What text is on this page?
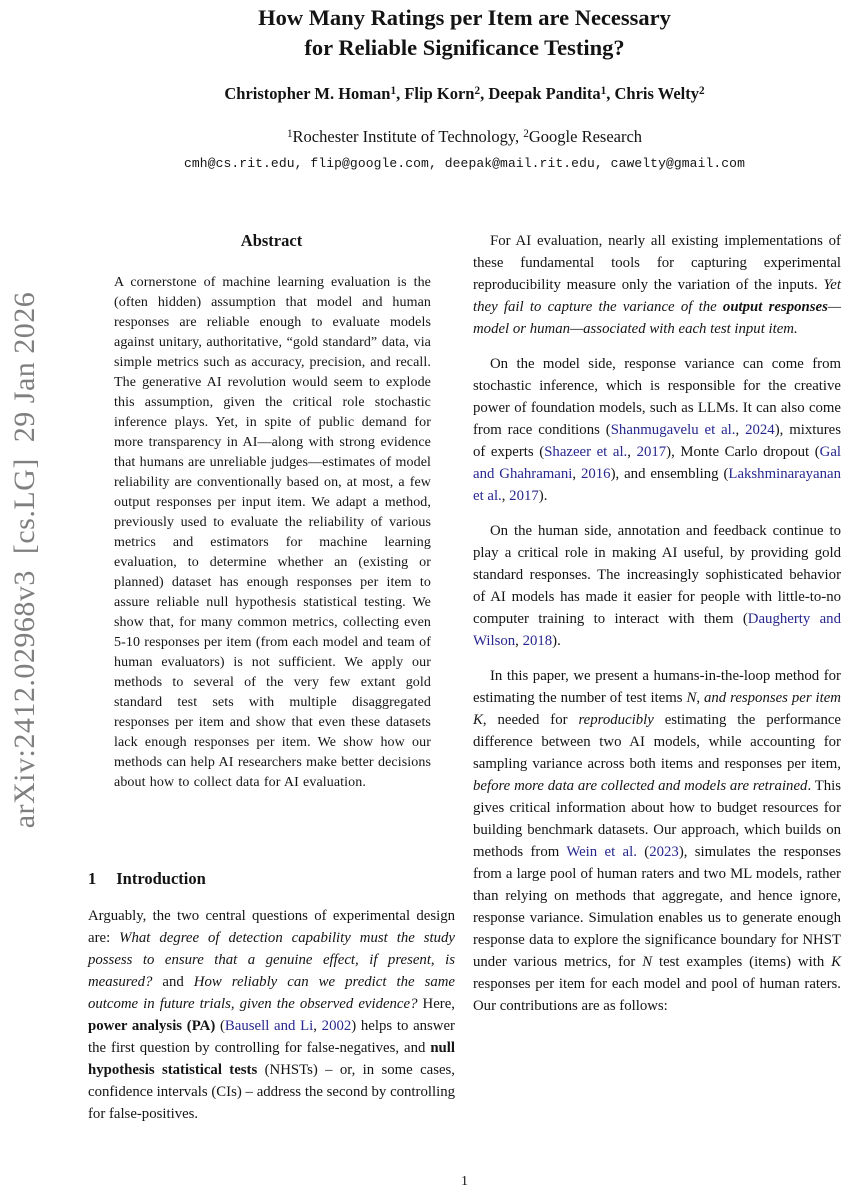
arXiv:2412.02968v3  [cs.LG]  29 Jan 2026
How Many Ratings per Item are Necessary
for Reliable Significance Testing?
Christopher M. Homan$^1$, Flip Korn$^2$, Deepak Pandita$^1$, Chris Welty$^2$
$^1$Rochester Institute of Technology, $^2$Google Research
cmh@cs.rit.edu, flip@google.com, deepak@mail.rit.edu, cawelty@gmail.com
Abstract
A cornerstone of machine learning evaluation is the (often hidden) assumption that model and human responses are reliable enough to evaluate models against unitary, authoritative, “gold standard” data, via simple metrics such as accuracy, precision, and recall. The generative AI revolution would seem to explode this assumption, given the critical role stochastic inference plays. Yet, in spite of public demand for more transparency in AI—along with strong evidence that humans are unreliable judges—estimates of model reliability are conventionally based on, at most, a few output responses per input item. We adapt a method, previously used to evaluate the reliability of various metrics and estimators for machine learning evaluation, to determine whether an (existing or planned) dataset has enough responses per item to assure reliable null hypothesis statistical testing. We show that, for many common metrics, collecting even 5-10 responses per item (from each model and team of human evaluators) is not sufficient. We apply our methods to several of the very few extant gold standard test sets with multiple disaggregated responses per item and show that even these datasets lack enough responses per item. We show how our methods can help AI researchers make better decisions about how to collect data for AI evaluation.
1 Introduction
Arguably, the two central questions of experimental design are: What degree of detection capability must the study possess to ensure that a genuine effect, if present, is measured? and How reliably can we predict the same outcome in future trials, given the observed evidence? Here, power analysis (PA) (Bausell and Li, 2002) helps to answer the first question by controlling for false-negatives, and null hypothesis statistical tests (NHSTs) – or, in some cases, confidence intervals (CIs) – address the second by controlling for false-positives.

For AI evaluation, nearly all existing implementations of these fundamental tools for capturing experimental reproducibility measure only the variation of the inputs. Yet they fail to capture the variance of the output responses—model or human—associated with each test input item.

On the model side, response variance can come from stochastic inference, which is responsible for the creative power of foundation models, such as LLMs. It can also come from race conditions (Shanmugavelu et al., 2024), mixtures of experts (Shazeer et al., 2017), Monte Carlo dropout (Gal and Ghahramani, 2016), and ensembling (Lakshminarayanan et al., 2017).

On the human side, annotation and feedback continue to play a critical role in making AI useful, by providing gold standard responses. The increasingly sophisticated behavior of AI models has made it easier for people with little-to-no computer training to interact with them (Daugherty and Wilson, 2018).

In this paper, we present a humans-in-the-loop method for estimating the number of test items N, and responses per item K, needed for reproducibly estimating the performance difference between two AI models, while accounting for sampling variance across both items and responses per item, before more data are collected and models are retrained. This gives critical information about how to budget resources for building benchmark datasets. Our approach, which builds on methods from Wein et al. (2023), simulates the responses from a large pool of human raters and two ML models, rather than relying on methods that aggregate, and hence ignore, response variance. Simulation enables us to generate enough response data to explore the significance boundary for NHST under various metrics, for N test examples (items) with K responses per item for each model and pool of human raters. Our contributions are as follows:

1
